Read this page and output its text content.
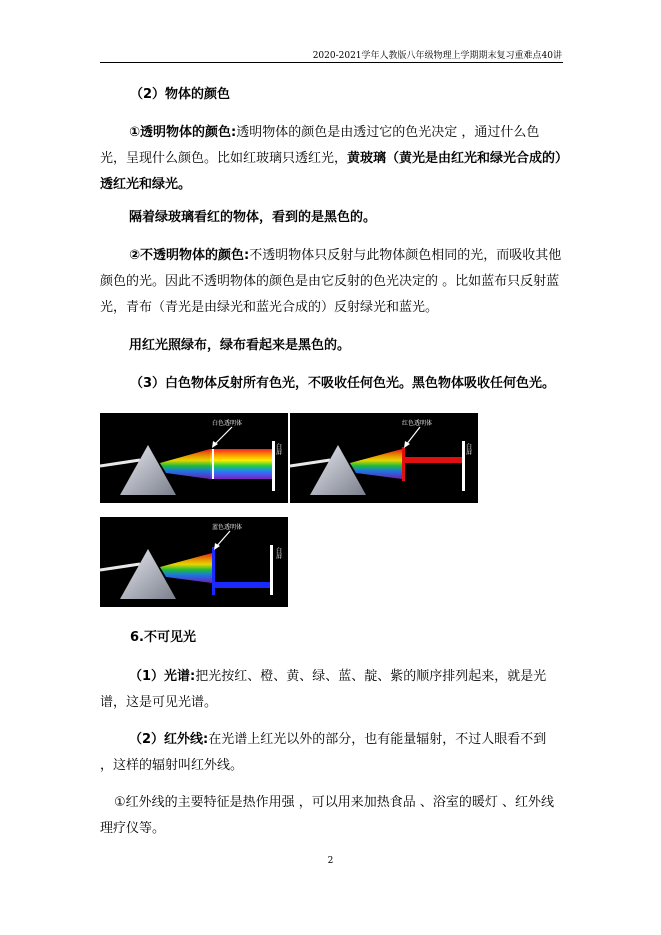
2020-2021学年人教版八年级物理上学期期末复习重难点40讲
（2）物体的颜色
①透明物体的颜色:透明物体的颜色是由透过它的色光决定 ，通过什么色光，呈现什么颜色。比如红玻璃只透红光，黄玻璃（黄光是由红光和绿光合成的）透红光和绿光。
隔着绿玻璃看红的物体，看到的是黑色的。
②不透明物体的颜色:不透明物体只反射与此物体颜色相同的光，而吸收其他颜色的光。因此不透明物体的颜色是由它反射的色光决定的 。比如蓝布只反射蓝光，青布（青光是由绿光和蓝光合成的）反射绿光和蓝光。
用红光照绿布，绿布看起来是黑色的。
（3）白色物体反射所有色光，不吸收任何色光。黑色物体吸收任何色光。
白色透明体
白屏
红色透明体
白屏
蓝色透明体
白屏
6.不可见光
（1）光谱:把光按红、橙、黄、绿、蓝、靛、紫的顺序排列起来，就是光谱，这是可见光谱。
（2）红外线:在光谱上红光以外的部分，也有能量辐射，不过人眼看不到 ，这样的辐射叫红外线。
①红外线的主要特征是热作用强 ，可以用来加热食品 、浴室的暖灯 、红外线理疗仪等。
2
